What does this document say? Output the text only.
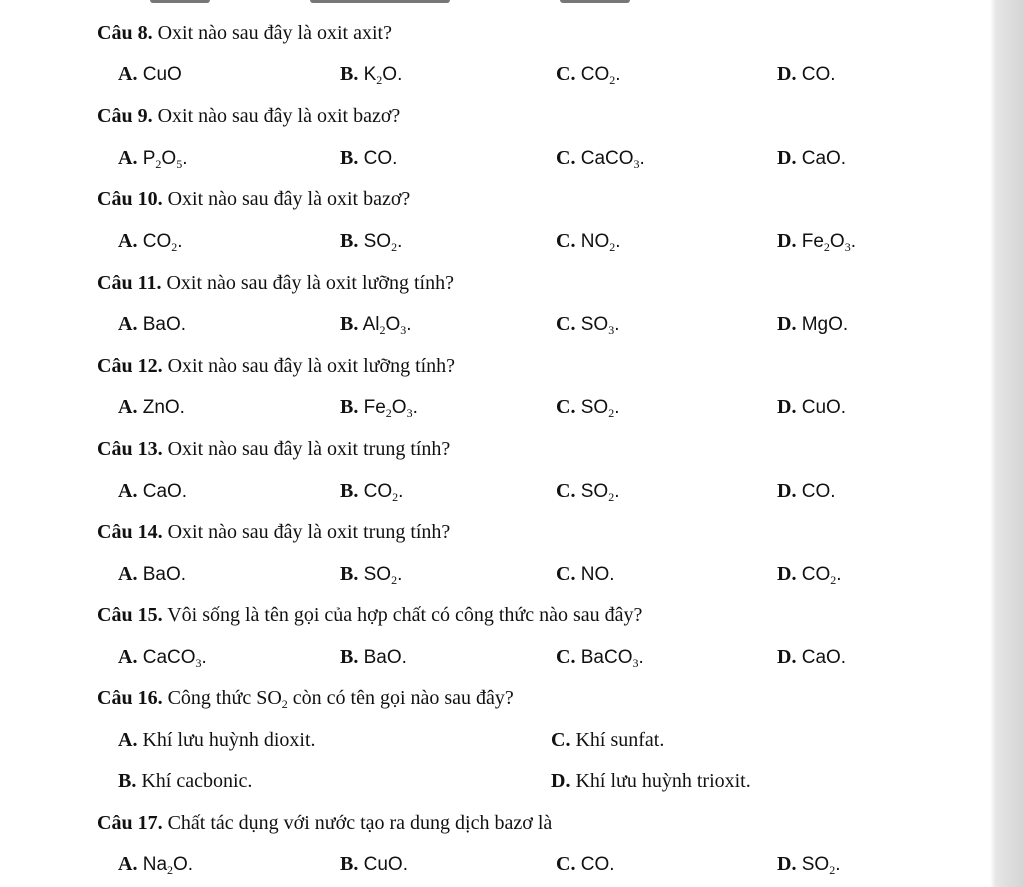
Câu 8. Oxit nào sau đây là oxit axit?
A. CuO	B. $K_2O$.	C. $CO_2$.	D. CO.
Câu 9. Oxit nào sau đây là oxit bazơ?
A. $P_2O_5$.	B. CO.	C. CaCO$_3$.	D. CaO.
Câu 10. Oxit nào sau đây là oxit bazơ?
A. $CO_2$.	B. $SO_2$.	C. $NO_2$.	D. $Fe_2O_3$.
Câu 11. Oxit nào sau đây là oxit lưỡng tính?
A. BaO.	B. $Al_2O_3$.	C. $SO_3$.	D. MgO.
Câu 12. Oxit nào sau đây là oxit lưỡng tính?
A. ZnO.	B. $Fe_2O_3$.	C. $SO_2$.	D. CuO.
Câu 13. Oxit nào sau đây là oxit trung tính?
A. CaO.	B. $CO_2$.	C. $SO_2$.	D. CO.
Câu 14. Oxit nào sau đây là oxit trung tính?
A. BaO.	B. $SO_2$.	C. NO.	D. $CO_2$.
Câu 15. Vôi sống là tên gọi của hợp chất có công thức nào sau đây?
A. CaCO$_3$.	B. BaO.	C. BaCO$_3$.	D. CaO.
Câu 16. Công thức $SO_2$ còn có tên gọi nào sau đây?
A. Khí lưu huỳnh dioxit.	C. Khí sunfat.
B. Khí cacbonic.	D. Khí lưu huỳnh trioxit.
Câu 17. Chất tác dụng với nước tạo ra dung dịch bazơ là
A. $Na_2O$.	B. CuO.	C. CO.	D. $SO_2$.
